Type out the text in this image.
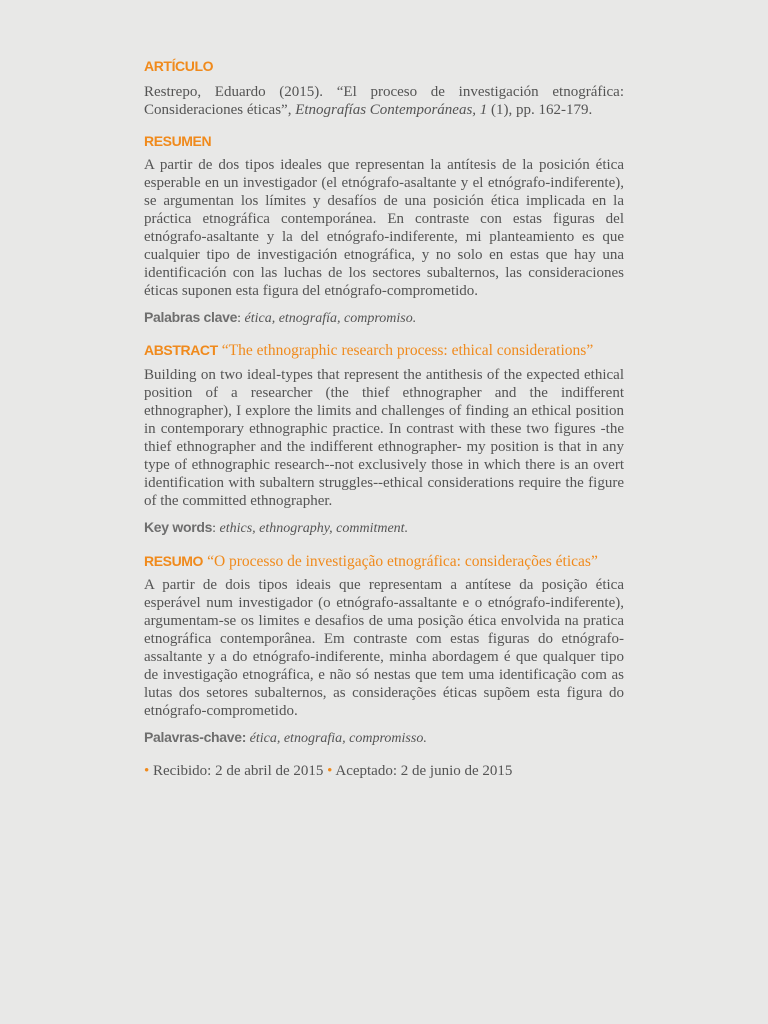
ARTÍCULO

Restrepo, Eduardo (2015). “El proceso de investigación etnográfica: Consideraciones éticas”, Etnografías Contemporáneas, 1 (1), pp. 162-179.

RESUMEN

A partir de dos tipos ideales que representan la antítesis de la posición ética esperable en un investigador (el etnógrafo-asaltante y el etnógrafo-indiferente), se argumentan los límites y desafíos de una posición ética implicada en la práctica etnográfica contemporánea. En contraste con estas figuras del etnógrafo-asaltante y la del etnógrafo-indiferente, mi planteamiento es que cualquier tipo de investigación etnográfica, y no solo en estas que hay una identificación con las luchas de los sectores subalternos, las consideraciones éticas suponen esta figura del etnógrafo-comprometido.

Palabras clave: ética, etnografía, compromiso.

ABSTRACT “The ethnographic research process: ethical considerations”

Building on two ideal-types that represent the antithesis of the expected ethical position of a researcher (the thief ethnographer and the indifferent ethnographer), I explore the limits and challenges of finding an ethical position in contemporary ethnographic practice. In contrast with these two figures -the thief ethnographer and the indifferent ethnographer- my position is that in any type of ethnographic research--not exclusively those in which there is an overt identification with subaltern struggles--ethical considerations require the figure of the committed ethnographer.

Key words: ethics, ethnography, commitment.

RESUMO “O processo de investigação etnográfica: considerações éticas”

A partir de dois tipos ideais que representam a antítese da posição ética esperável num investigador (o etnógrafo-assaltante e o etnógrafo-indiferente), argumentam-se os limites e desafios de uma posição ética envolvida na pratica etnográfica contemporânea. Em contraste com estas figuras do etnógrafo-assaltante y a do etnógrafo-indiferente, minha abordagem é que qualquer tipo de investigação etnográfica, e não só nestas que tem uma identificação com as lutas dos setores subalternos, as considerações éticas supõem esta figura do etnógrafo-comprometido.

Palavras-chave: ética, etnografia, compromisso.

• Recibido: 2 de abril de 2015 • Aceptado: 2 de junio de 2015
